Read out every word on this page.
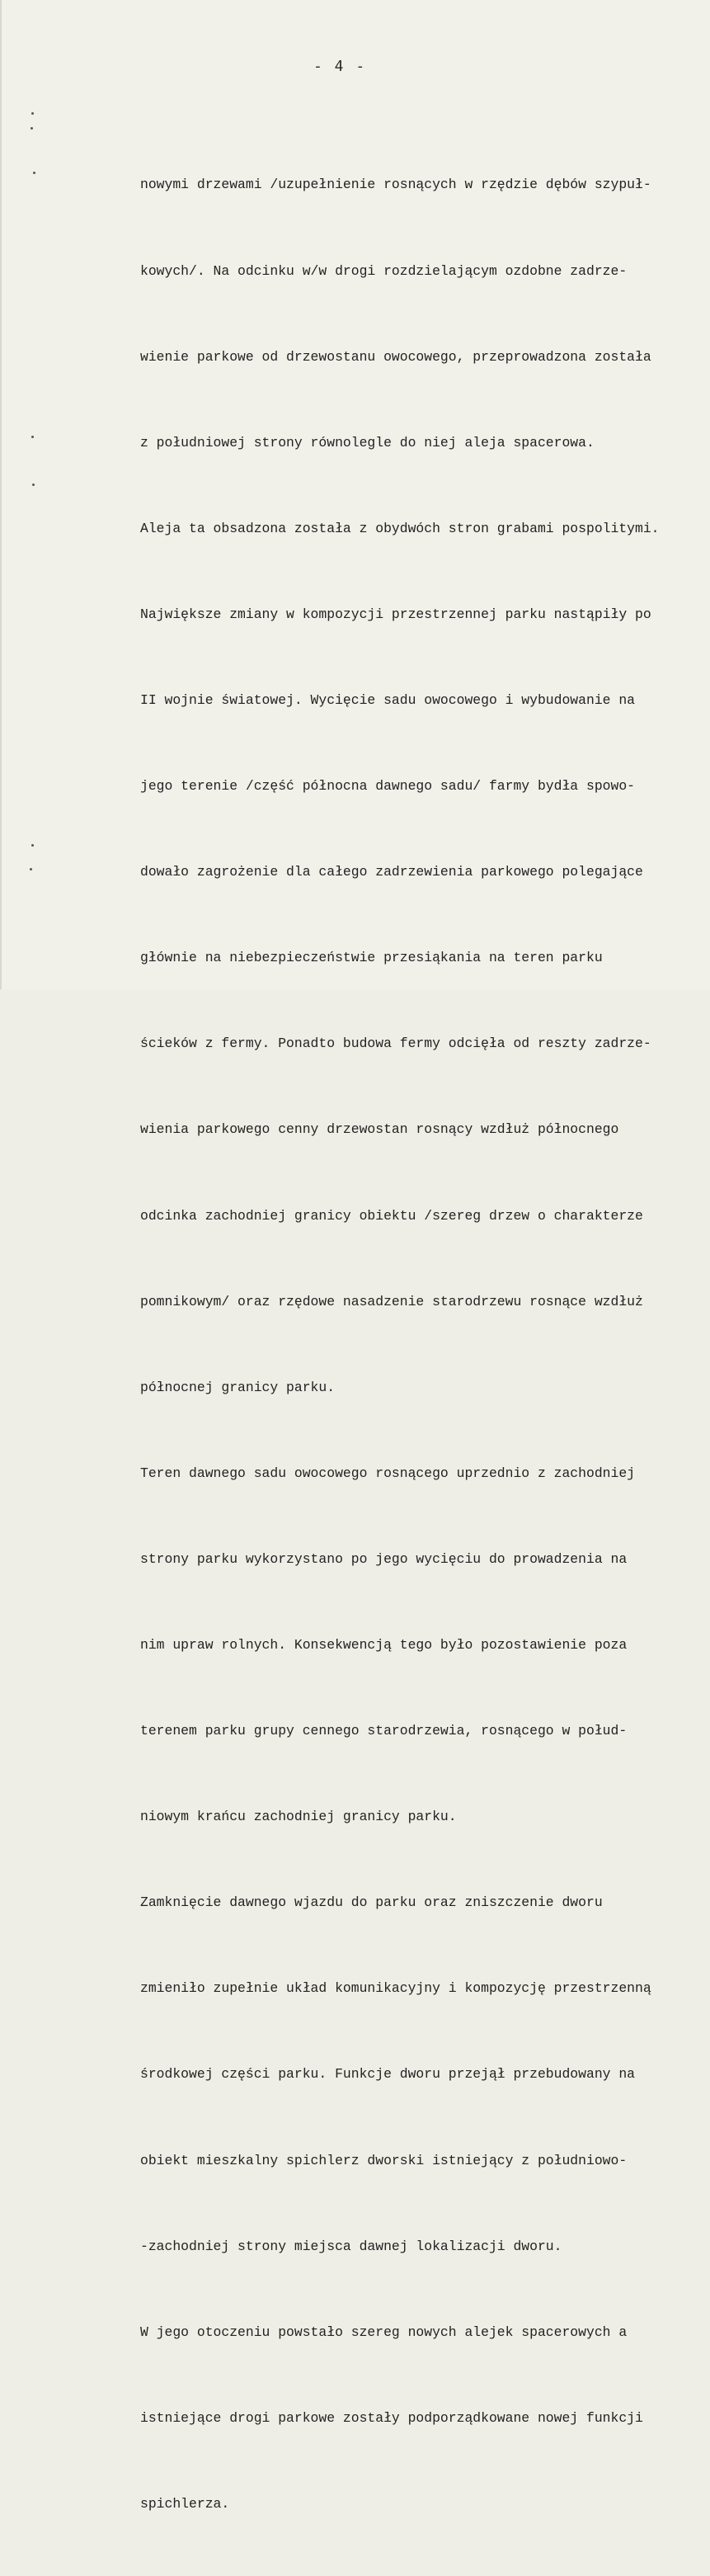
- 4 -

nowymi drzewami /uzupełnienie rosnących w rzędzie dębów szypuł-

kowych/. Na odcinku w/w drogi rozdzielającym ozdobne zadrze-

wienie parkowe od drzewostanu owocowego, przeprowadzona została

z południowej strony równolegle do niej aleja spacerowa.

Aleja ta obsadzona została z obydwóch stron grabami pospolitymi.

Największe zmiany w kompozycji przestrzennej parku nastąpiły po

II wojnie światowej. Wycięcie sadu owocowego i wybudowanie na

jego terenie /część północna dawnego sadu/ farmy bydła spowo-

dowało zagrożenie dla całego zadrzewienia parkowego polegające

głównie na niebezpieczeństwie przesiąkania na teren parku

ścieków z fermy. Ponadto budowa fermy odcięła od reszty zadrze-

wienia parkowego cenny drzewostan rosnący wzdłuż północnego

odcinka zachodniej granicy obiektu /szereg drzew o charakterze

pomnikowym/ oraz rzędowe nasadzenie starodrzewu rosnące wzdłuż

północnej granicy parku.

Teren dawnego sadu owocowego rosnącego uprzednio z zachodniej

strony parku wykorzystano po jego wycięciu do prowadzenia na

nim upraw rolnych. Konsekwencją tego było pozostawienie poza

terenem parku grupy cennego starodrzewia, rosnącego w połud-

niowym krańcu zachodniej granicy parku.

Zamknięcie dawnego wjazdu do parku oraz zniszczenie dworu

zmieniło zupełnie układ komunikacyjny i kompozycję przestrzenną

środkowej części parku. Funkcje dworu przejął przebudowany na

obiekt mieszkalny spichlerz dworski istniejący z południowo-

-zachodniej strony miejsca dawnej lokalizacji dworu.

W jego otoczeniu powstało szereg nowych alejek spacerowych a

istniejące drogi parkowe zostały podporządkowane nowej funkcji

spichlerza.
